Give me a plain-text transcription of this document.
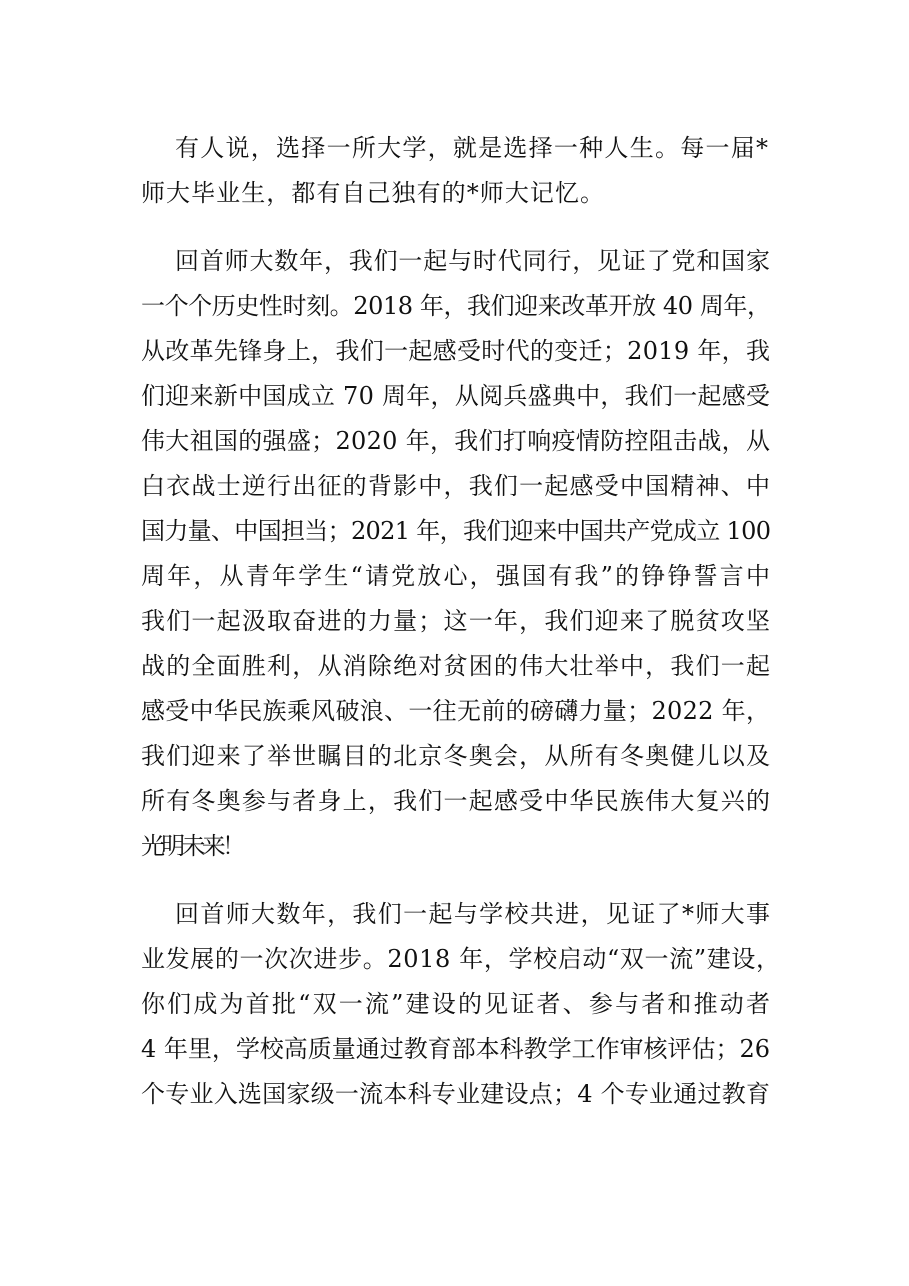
有人说，选择一所大学，就是选择一种人生。每一届*
师大毕业生，都有自己独有的*师大记忆。
回首师大数年，我们一起与时代同行，见证了党和国家
一个个历史性时刻。2018 年，我们迎来改革开放 40 周年，
从改革先锋身上，我们一起感受时代的变迁；2019 年，我
们迎来新中国成立 70 周年，从阅兵盛典中，我们一起感受
伟大祖国的强盛；2020 年，我们打响疫情防控阻击战，从
白衣战士逆行出征的背影中，我们一起感受中国精神、中
国力量、中国担当；2021 年，我们迎来中国共产党成立 100
周年，从青年学生“请党放心，强国有我”的铮铮誓言中
我们一起汲取奋进的力量；这一年，我们迎来了脱贫攻坚
战的全面胜利，从消除绝对贫困的伟大壮举中，我们一起
感受中华民族乘风破浪、一往无前的磅礴力量；2022 年，
我们迎来了举世瞩目的北京冬奥会，从所有冬奥健儿以及
所有冬奥参与者身上，我们一起感受中华民族伟大复兴的
光明未来！
回首师大数年，我们一起与学校共进，见证了*师大事
业发展的一次次进步。2018 年，学校启动“双一流”建设，
你们成为首批“双一流”建设的见证者、参与者和推动者
4 年里，学校高质量通过教育部本科教学工作审核评估；26
个专业入选国家级一流本科专业建设点；4 个专业通过教育
